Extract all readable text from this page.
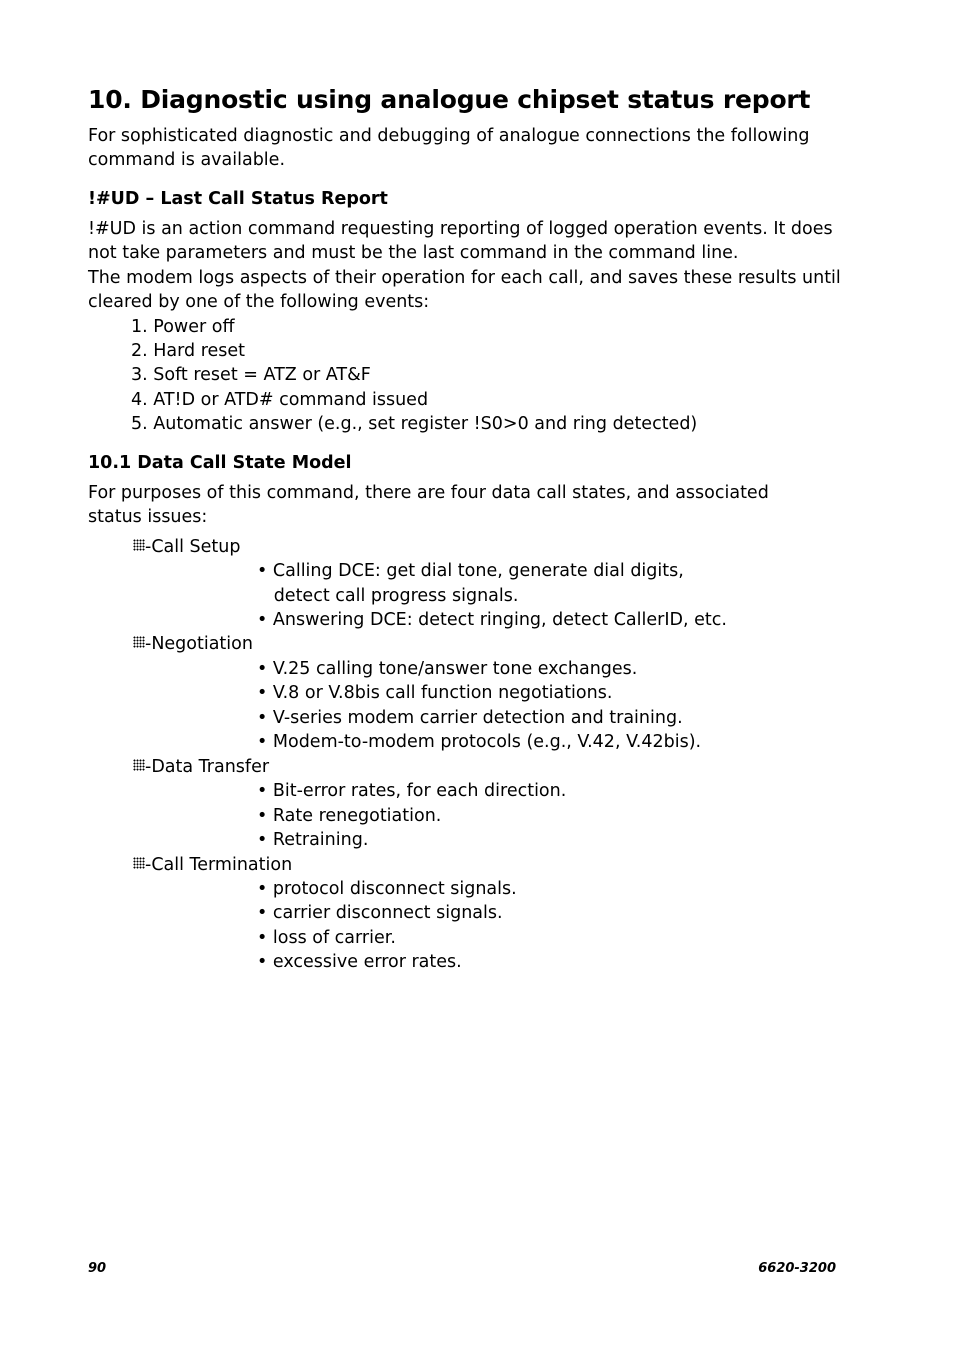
10. Diagnostic using analogue chipset status report
For sophisticated diagnostic and debugging of analogue connections the following
command is available.
!#UD – Last Call Status Report
!#UD is an action command requesting reporting of logged operation events. It does
not take parameters and must be the last command in the command line.
The modem logs aspects of their operation for each call, and saves these results until
cleared by one of the following events:
1. Power off
2. Hard reset
3. Soft reset = ATZ or AT&F
4. AT!D or ATD# command issued
5. Automatic answer (e.g., set register !S0>0 and ring detected)
10.1 Data Call State Model
For purposes of this command, there are four data call states, and associated
status issues:
-Call Setup
• Calling DCE: get dial tone, generate dial digits,
detect call progress signals.
• Answering DCE: detect ringing, detect CallerID, etc.
-Negotiation
• V.25 calling tone/answer tone exchanges.
• V.8 or V.8bis call function negotiations.
• V-series modem carrier detection and training.
• Modem-to-modem protocols (e.g., V.42, V.42bis).
-Data Transfer
• Bit-error rates, for each direction.
• Rate renegotiation.
• Retraining.
-Call Termination
• protocol disconnect signals.
• carrier disconnect signals.
• loss of carrier.
• excessive error rates.
90	6620-3200
